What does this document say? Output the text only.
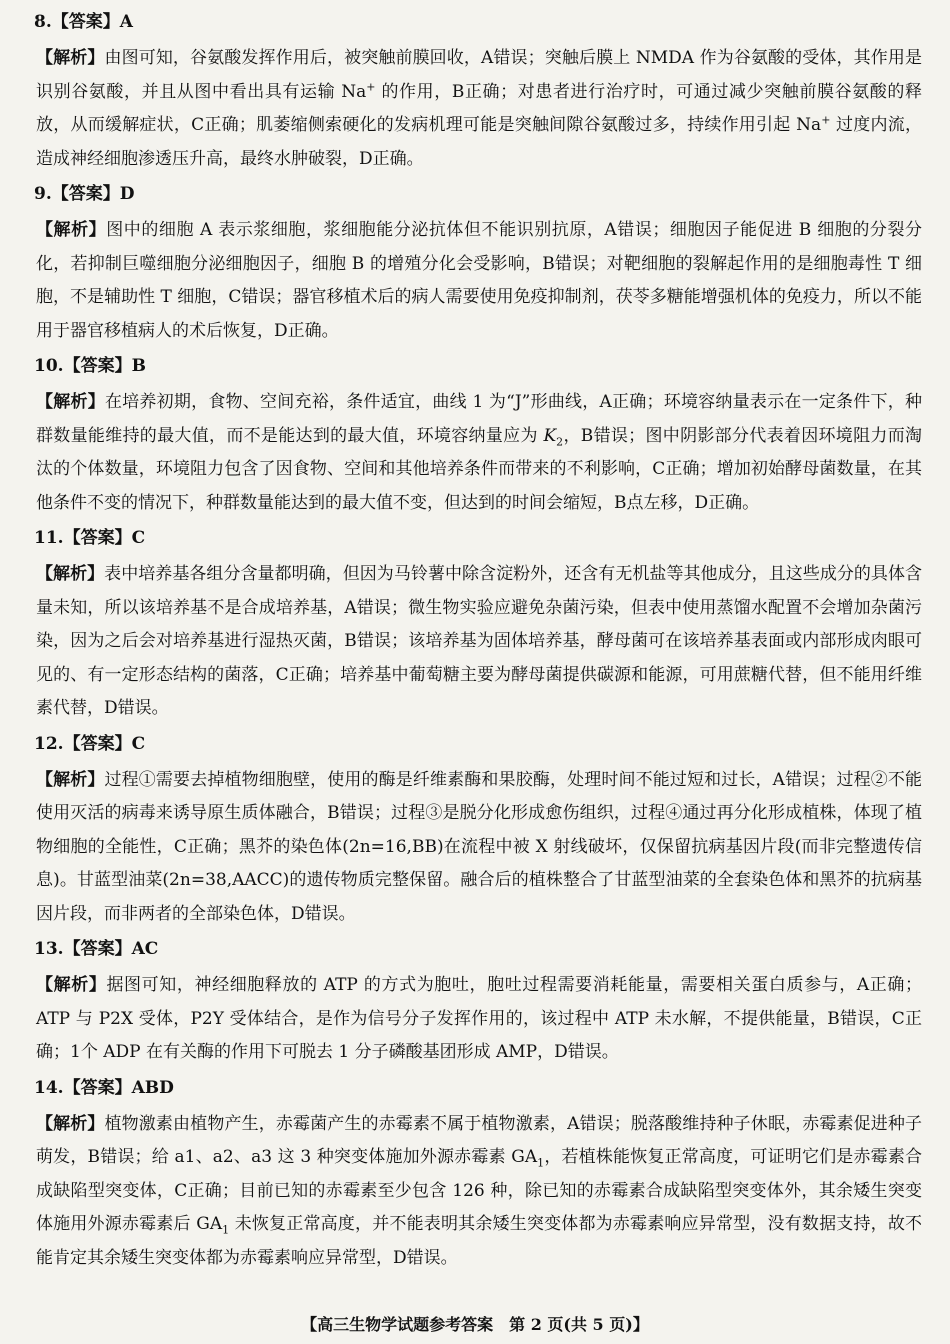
8.【答案】A

【解析】由图可知，谷氨酸发挥作用后，被突触前膜回收，A错误；突触后膜上 NMDA 作为谷氨酸的受体，其作用是识别谷氨酸，并且从图中看出具有运输 Na+ 的作用，B正确；对患者进行治疗时，可通过减少突触前膜谷氨酸的释放，从而缓解症状，C正确；肌萎缩侧索硬化的发病机理可能是突触间隙谷氨酸过多，持续作用引起 Na+ 过度内流，造成神经细胞渗透压升高，最终水肿破裂，D正确。

9.【答案】D

【解析】图中的细胞 A 表示浆细胞，浆细胞能分泌抗体但不能识别抗原，A错误；细胞因子能促进 B 细胞的分裂分化，若抑制巨噬细胞分泌细胞因子，细胞 B 的增殖分化会受影响，B错误；对靶细胞的裂解起作用的是细胞毒性 T 细胞，不是辅助性 T 细胞，C错误；器官移植术后的病人需要使用免疫抑制剂，茯苓多糖能增强机体的免疫力，所以不能用于器官移植病人的术后恢复，D正确。

10.【答案】B

【解析】在培养初期，食物、空间充裕，条件适宜，曲线 1 为“J”形曲线，A正确；环境容纳量表示在一定条件下，种群数量能维持的最大值，而不是能达到的最大值，环境容纳量应为 $K_2$，B错误；图中阴影部分代表着因环境阻力而淘汰的个体数量，环境阻力包含了因食物、空间和其他培养条件而带来的不利影响，C正确；增加初始酵母菌数量，在其他条件不变的情况下，种群数量能达到的最大值不变，但达到的时间会缩短，B点左移，D正确。

11.【答案】C

【解析】表中培养基各组分含量都明确，但因为马铃薯中除含淀粉外，还含有无机盐等其他成分，且这些成分的具体含量未知，所以该培养基不是合成培养基，A错误；微生物实验应避免杂菌污染，但表中使用蒸馏水配置不会增加杂菌污染，因为之后会对培养基进行湿热灭菌，B错误；该培养基为固体培养基，酵母菌可在该培养基表面或内部形成肉眼可见的、有一定形态结构的菌落，C正确；培养基中葡萄糖主要为酵母菌提供碳源和能源，可用蔗糖代替，但不能用纤维素代替，D错误。

12.【答案】C

【解析】过程①需要去掉植物细胞壁，使用的酶是纤维素酶和果胶酶，处理时间不能过短和过长，A错误；过程②不能使用灭活的病毒来诱导原生质体融合，B错误；过程③是脱分化形成愈伤组织，过程④通过再分化形成植株，体现了植物细胞的全能性，C正确；黑芥的染色体(2n=16,BB)在流程中被 X 射线破坏，仅保留抗病基因片段(而非完整遗传信息)。甘蓝型油菜(2n=38,AACC)的遗传物质完整保留。融合后的植株整合了甘蓝型油菜的全套染色体和黑芥的抗病基因片段，而非两者的全部染色体，D错误。

13.【答案】AC

【解析】据图可知，神经细胞释放的 ATP 的方式为胞吐，胞吐过程需要消耗能量，需要相关蛋白质参与，A正确；ATP 与 P2X 受体，P2Y 受体结合，是作为信号分子发挥作用的，该过程中 ATP 未水解，不提供能量，B错误，C正确；1个 ADP 在有关酶的作用下可脱去 1 分子磷酸基团形成 AMP，D错误。

14.【答案】ABD

【解析】植物激素由植物产生，赤霉菌产生的赤霉素不属于植物激素，A错误；脱落酸维持种子休眠，赤霉素促进种子萌发，B错误；给 a1、a2、a3 这 3 种突变体施加外源赤霉素 $GA_1$，若植株能恢复正常高度，可证明它们是赤霉素合成缺陷型突变体，C正确；目前已知的赤霉素至少包含 126 种，除已知的赤霉素合成缺陷型突变体外，其余矮生突变体施用外源赤霉素后 $GA_1$ 未恢复正常高度，并不能表明其余矮生突变体都为赤霉素响应异常型，没有数据支持，故不能肯定其余矮生突变体都为赤霉素响应异常型，D错误。

【高三生物学试题参考答案　第 2 页(共 5 页)】
